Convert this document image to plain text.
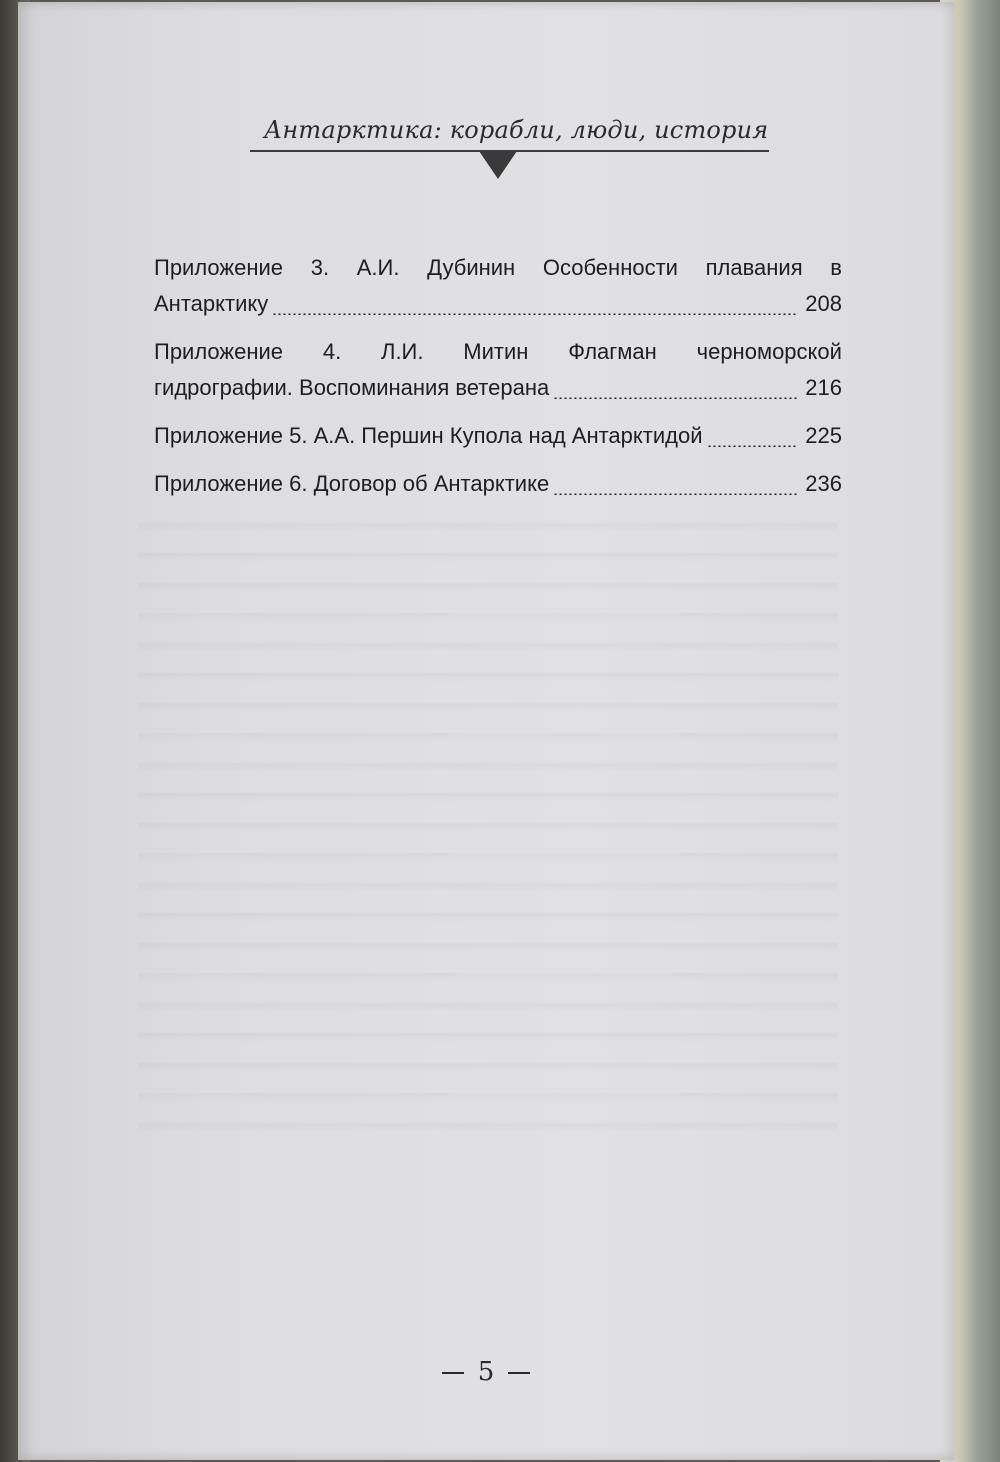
Антарктика: корабли, люди, история
Приложение 3. А.И. Дубинин Особенности плавания в
Антарктику	208
Приложение 4. Л.И. Митин Флагман черноморской
гидрографии. Воспоминания ветерана	216
Приложение 5. А.А. Першин Купола над Антарктидой	225
Приложение 6. Договор об Антарктике	236
5
